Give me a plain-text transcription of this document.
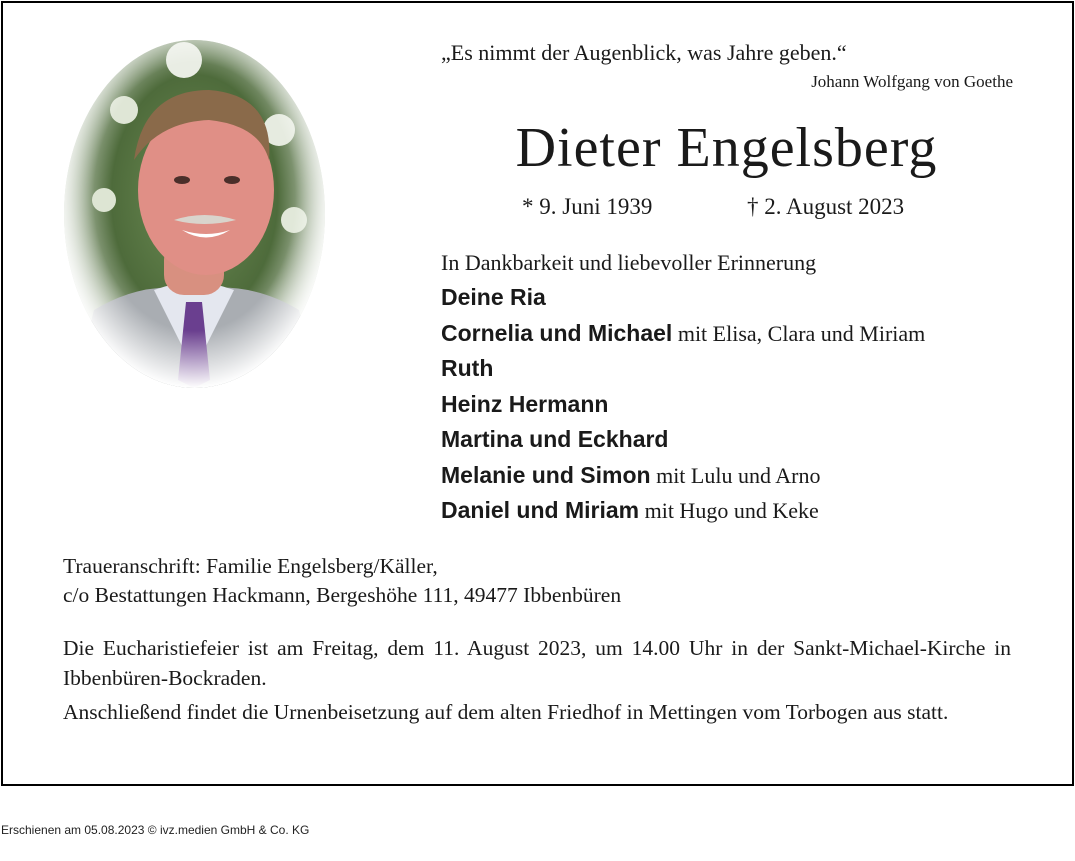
„Es nimmt der Augenblick, was Jahre geben.“
Johann Wolfgang von Goethe
Dieter Engelsberg
* 9. Juni 1939	† 2. August 2023
In Dankbarkeit und liebevoller Erinnerung
Deine Ria
Cornelia und Michael mit Elisa, Clara und Miriam
Ruth
Heinz Hermann
Martina und Eckhard
Melanie und Simon mit Lulu und Arno
Daniel und Miriam mit Hugo und Keke
Traueranschrift: Familie Engelsberg/Käller,
c/o Bestattungen Hackmann, Bergeshöhe 111, 49477 Ibbenbüren
Die Eucharistiefeier ist am Freitag, dem 11. August 2023, um 14.00 Uhr in der Sankt-Michael-Kirche in Ibbenbüren-Bockraden.
Anschließend findet die Urnenbeisetzung auf dem alten Friedhof in Mettingen vom Torbogen aus statt.
Erschienen am 05.08.2023 © ivz.medien GmbH & Co. KG
